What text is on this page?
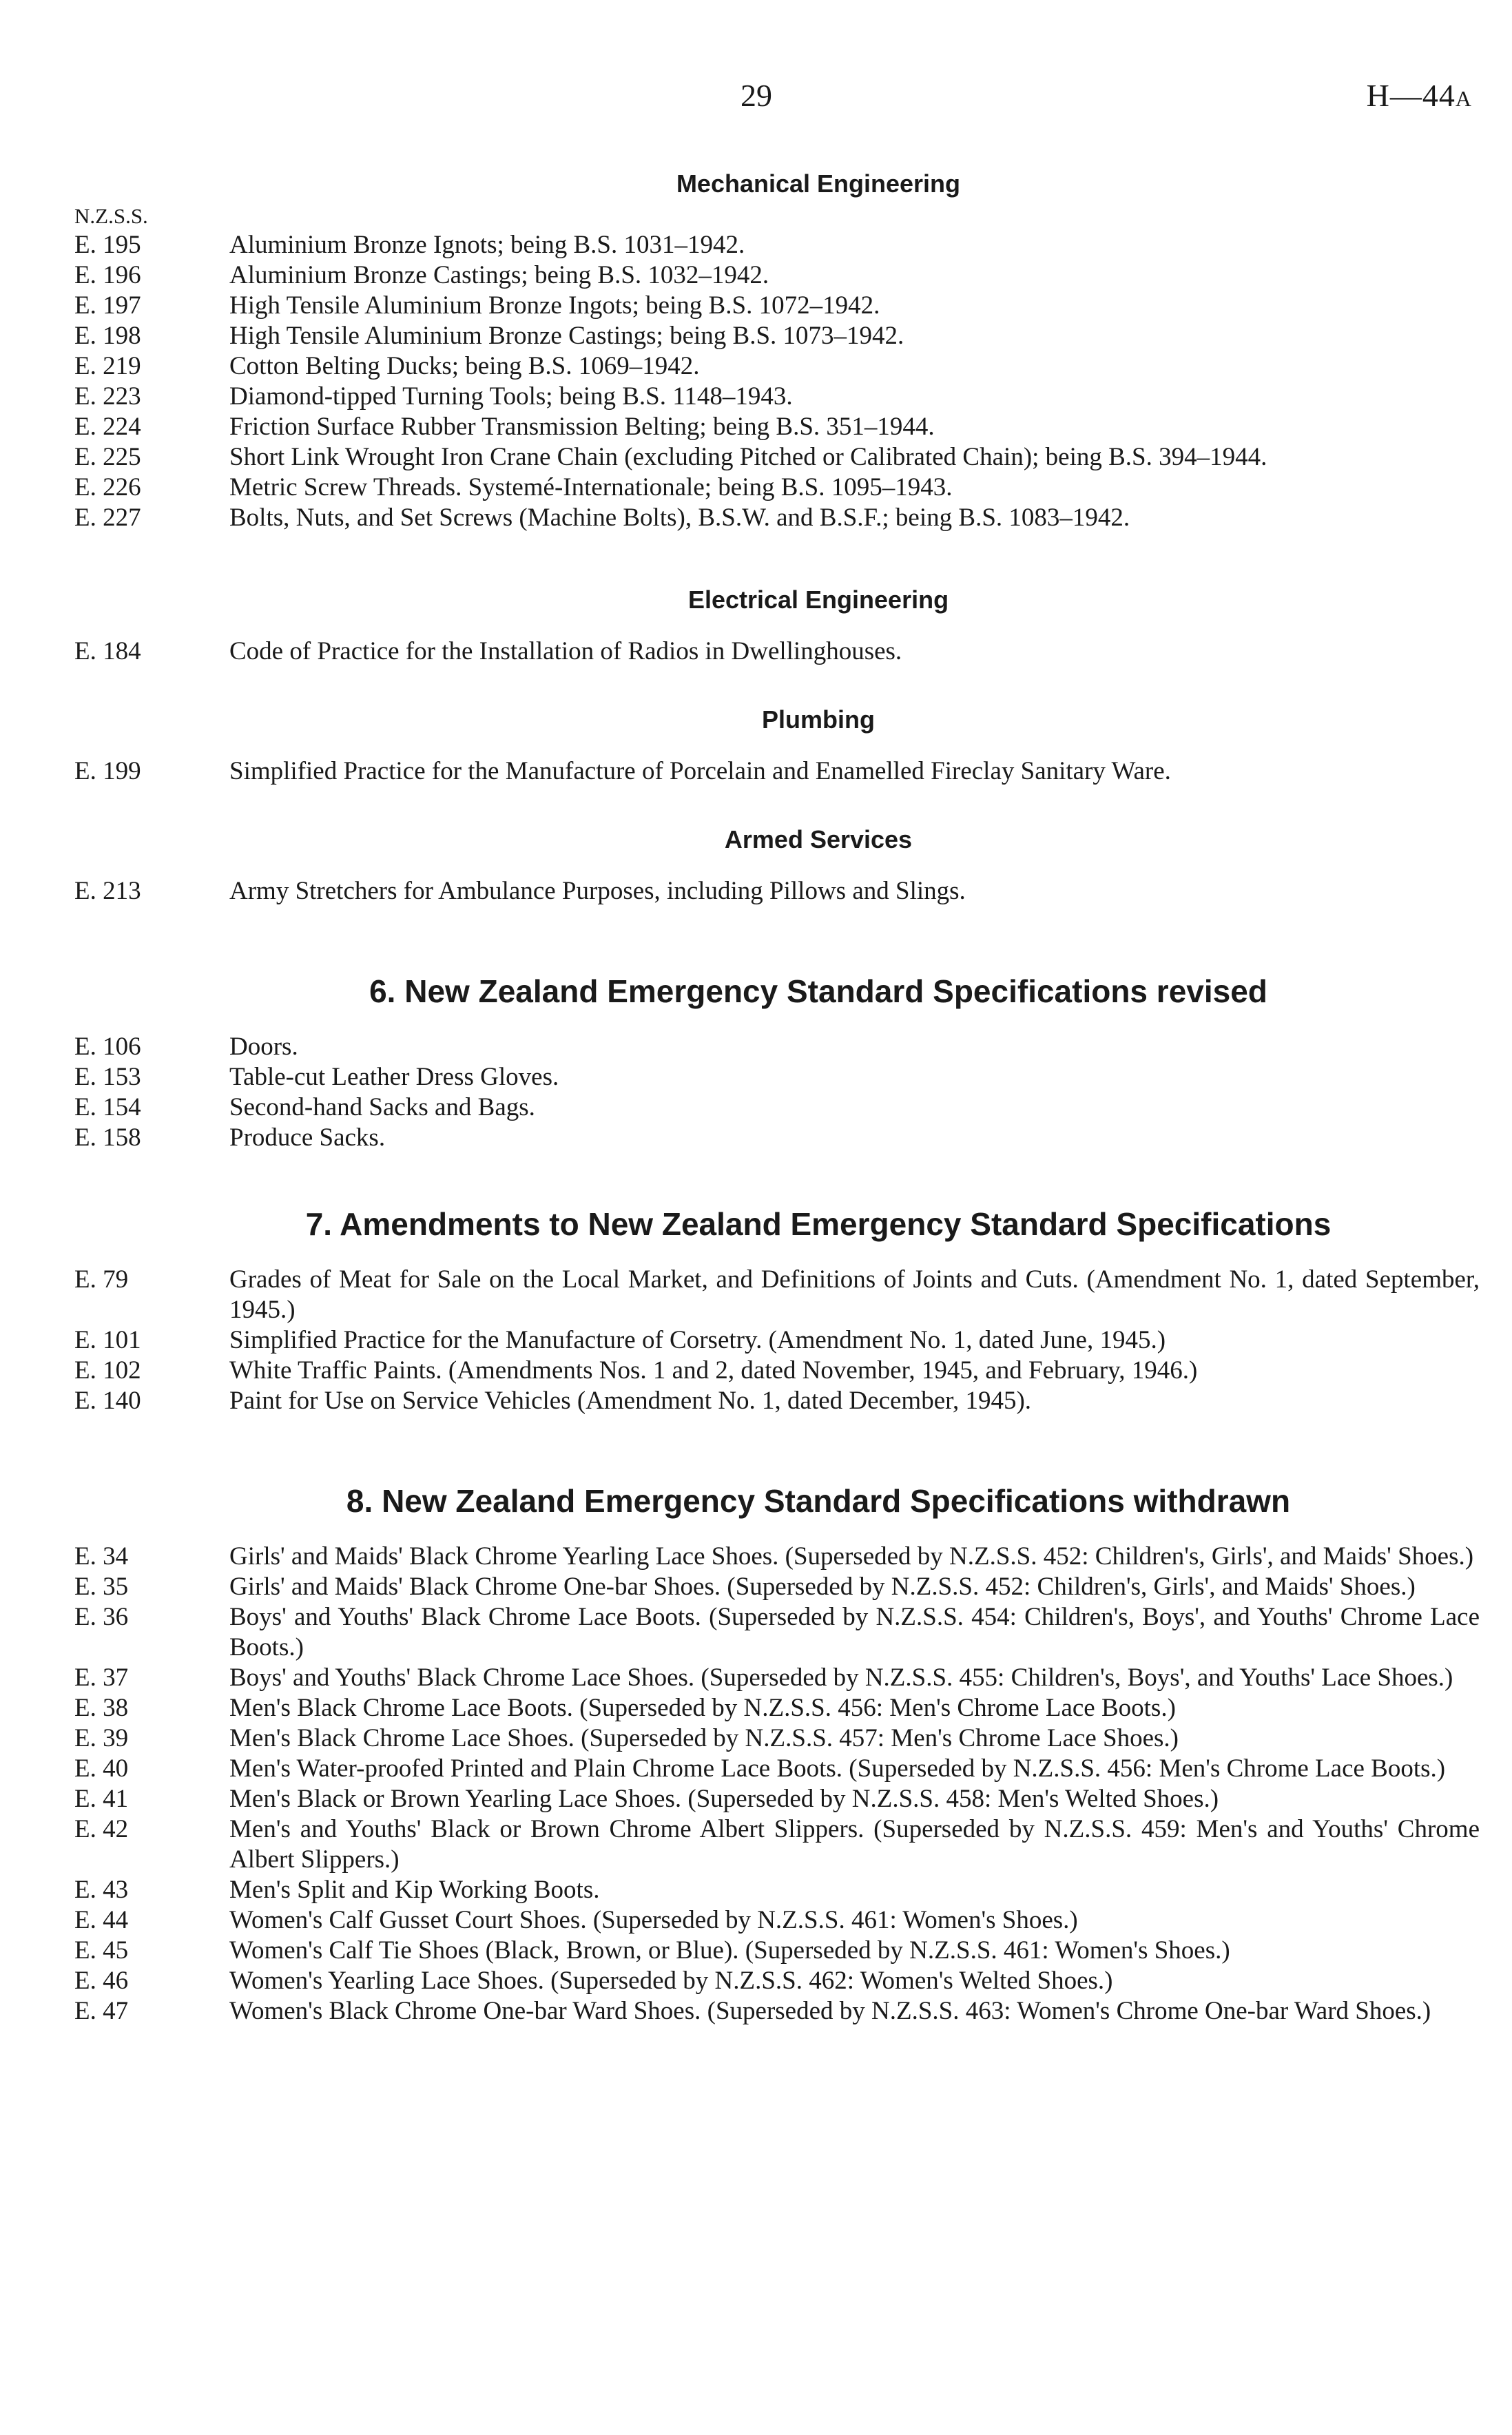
29	H—44A
Mechanical Engineering
N.Z.S.S.
E. 195	Aluminium Bronze Ignots; being B.S. 1031–1942.
E. 196	Aluminium Bronze Castings; being B.S. 1032–1942.
E. 197	High Tensile Aluminium Bronze Ingots; being B.S. 1072–1942.
E. 198	High Tensile Aluminium Bronze Castings; being B.S. 1073–1942.
E. 219	Cotton Belting Ducks; being B.S. 1069–1942.
E. 223	Diamond-tipped Turning Tools; being B.S. 1148–1943.
E. 224	Friction Surface Rubber Transmission Belting; being B.S. 351–1944.
E. 225	Short Link Wrought Iron Crane Chain (excluding Pitched or Calibrated Chain); being B.S. 394–1944.
E. 226	Metric Screw Threads. Systemé-Internationale; being B.S. 1095–1943.
E. 227	Bolts, Nuts, and Set Screws (Machine Bolts), B.S.W. and B.S.F.; being B.S. 1083–1942.
Electrical Engineering
E. 184	Code of Practice for the Installation of Radios in Dwellinghouses.
Plumbing
E. 199	Simplified Practice for the Manufacture of Porcelain and Enamelled Fireclay Sanitary Ware.
Armed Services
E. 213	Army Stretchers for Ambulance Purposes, including Pillows and Slings.
6. New Zealand Emergency Standard Specifications revised
E. 106	Doors.
E. 153	Table-cut Leather Dress Gloves.
E. 154	Second-hand Sacks and Bags.
E. 158	Produce Sacks.
7. Amendments to New Zealand Emergency Standard Specifications
E. 79	Grades of Meat for Sale on the Local Market, and Definitions of Joints and Cuts. (Amendment No. 1, dated September, 1945.)
E. 101	Simplified Practice for the Manufacture of Corsetry. (Amendment No. 1, dated June, 1945.)
E. 102	White Traffic Paints. (Amendments Nos. 1 and 2, dated November, 1945, and February, 1946.)
E. 140	Paint for Use on Service Vehicles (Amendment No. 1, dated December, 1945).
8. New Zealand Emergency Standard Specifications withdrawn
E. 34	Girls' and Maids' Black Chrome Yearling Lace Shoes. (Superseded by N.Z.S.S. 452: Children's, Girls', and Maids' Shoes.)
E. 35	Girls' and Maids' Black Chrome One-bar Shoes. (Superseded by N.Z.S.S. 452: Children's, Girls', and Maids' Shoes.)
E. 36	Boys' and Youths' Black Chrome Lace Boots. (Superseded by N.Z.S.S. 454: Children's, Boys', and Youths' Chrome Lace Boots.)
E. 37	Boys' and Youths' Black Chrome Lace Shoes. (Superseded by N.Z.S.S. 455: Children's, Boys', and Youths' Lace Shoes.)
E. 38	Men's Black Chrome Lace Boots. (Superseded by N.Z.S.S. 456: Men's Chrome Lace Boots.)
E. 39	Men's Black Chrome Lace Shoes. (Superseded by N.Z.S.S. 457: Men's Chrome Lace Shoes.)
E. 40	Men's Water-proofed Printed and Plain Chrome Lace Boots. (Superseded by N.Z.S.S. 456: Men's Chrome Lace Boots.)
E. 41	Men's Black or Brown Yearling Lace Shoes. (Superseded by N.Z.S.S. 458: Men's Welted Shoes.)
E. 42	Men's and Youths' Black or Brown Chrome Albert Slippers. (Superseded by N.Z.S.S. 459: Men's and Youths' Chrome Albert Slippers.)
E. 43	Men's Split and Kip Working Boots.
E. 44	Women's Calf Gusset Court Shoes. (Superseded by N.Z.S.S. 461: Women's Shoes.)
E. 45	Women's Calf Tie Shoes (Black, Brown, or Blue). (Superseded by N.Z.S.S. 461: Women's Shoes.)
E. 46	Women's Yearling Lace Shoes. (Superseded by N.Z.S.S. 462: Women's Welted Shoes.)
E. 47	Women's Black Chrome One-bar Ward Shoes. (Superseded by N.Z.S.S. 463: Women's Chrome One-bar Ward Shoes.)
